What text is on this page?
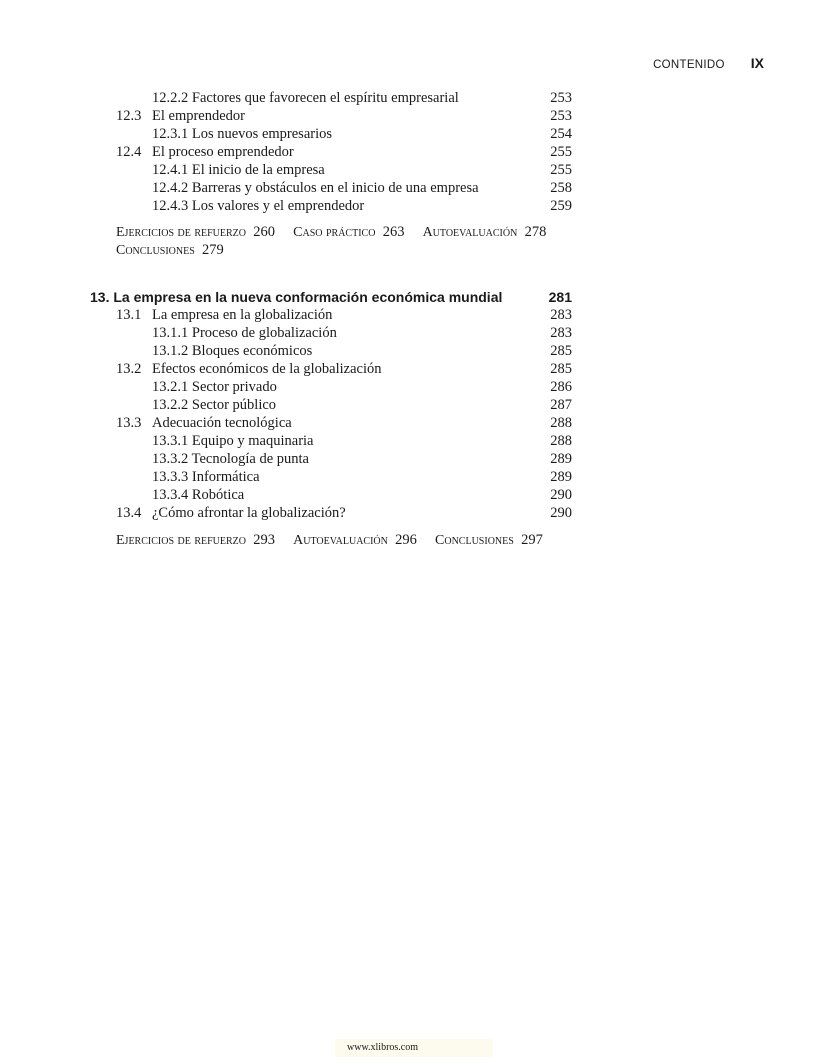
CONTENIDO IX
12.2.2 Factores que favorecen el espíritu empresarial	253
12.3 El emprendedor	253
12.3.1 Los nuevos empresarios	254
12.4 El proceso emprendedor	255
12.4.1 El inicio de la empresa	255
12.4.2 Barreras y obstáculos en el inicio de una empresa	258
12.4.3 Los valores y el emprendedor	259
Ejercicios de refuerzo 260 Caso práctico 263 Autoevaluación 278
Conclusiones 279
13. La empresa en la nueva conformación económica mundial	281
13.1 La empresa en la globalización	283
13.1.1 Proceso de globalización	283
13.1.2 Bloques económicos	285
13.2 Efectos económicos de la globalización	285
13.2.1 Sector privado	286
13.2.2 Sector público	287
13.3 Adecuación tecnológica	288
13.3.1 Equipo y maquinaria	288
13.3.2 Tecnología de punta	289
13.3.3 Informática	289
13.3.4 Robótica	290
13.4 ¿Cómo afrontar la globalización?	290
Ejercicios de refuerzo 293 Autoevaluación 296 Conclusiones 297
www.xlibros.com
